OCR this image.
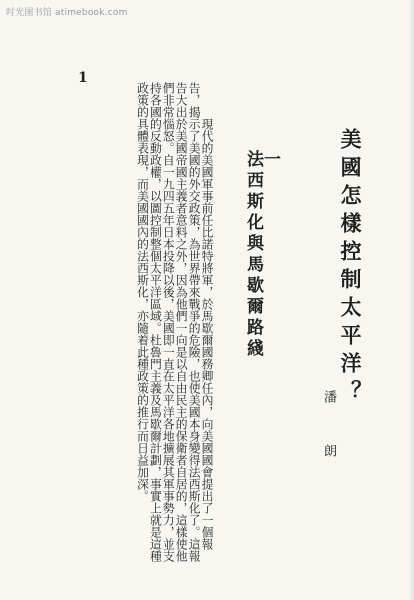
时光图书馆 atimebook.com
1
美國怎樣控制太平洋？
潘　朗
一
法西斯化與馬歇爾路綫

　現代的美國軍事前任比諾特將軍，於馬歇爾國務卿任內，向美國國會提出了一個報告，揭示了美國的外交政策，為世界帶來戰爭的危險，也使美國本身變得法西斯化了。這報告大出於美國帝國主義者意料之外，因為他們一向是以自由民主的保衛者自居的，這樣使他們非常惱怒。自一九四五年日本投降以後，美國即一直在太平洋各地擴展其軍事勢力，並支持各國的反動政權，以圖控制整個太平洋區域。杜魯門主義及馬歇爾計劃，事實上就是這種政策的具體表現，而美國國內的法西斯化，亦隨着此種政策的推行而日益加深。
